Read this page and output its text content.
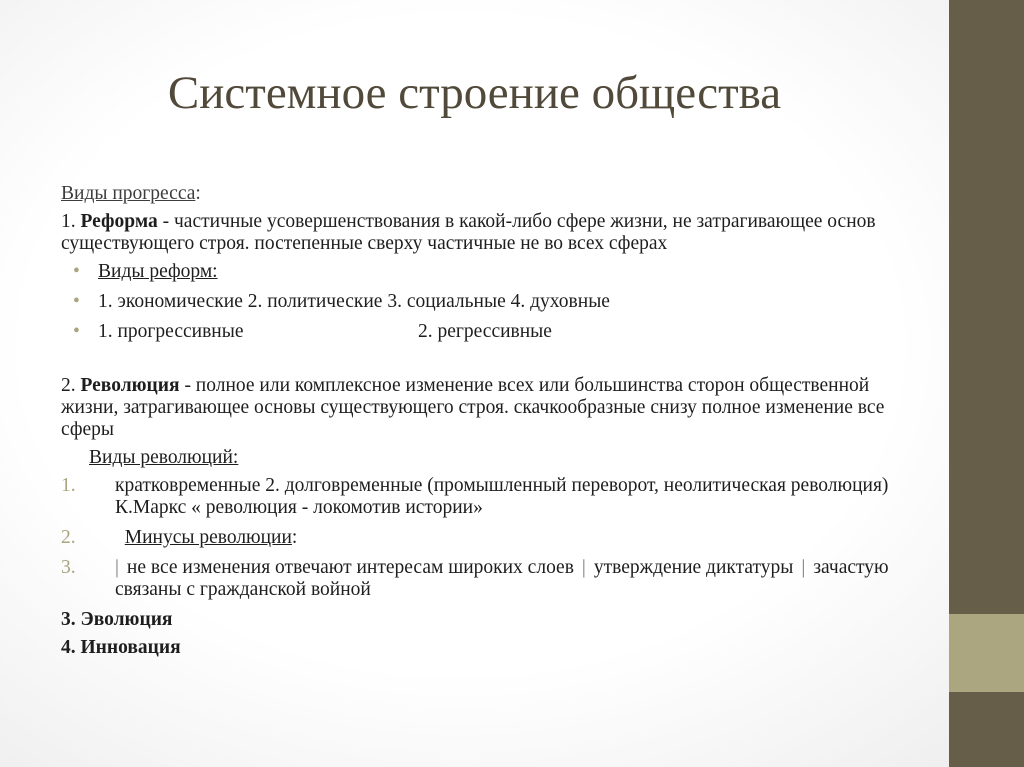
Системное строение общества

Виды прогресса:

1. Реформа - частичные усовершенствования в какой-либо сфере жизни, не затрагивающее основ существующего строя. постепенные сверху частичные не во всех сферах

• Виды реформ:
• 1. экономические 2. политические 3. социальные 4. духовные
• 1. прогрессивные	2. регрессивные

2. Революция - полное или комплексное изменение всех или большинства сторон общественной жизни, затрагивающее основы существующего строя. скачкообразные снизу полное изменение все сферы

Виды революций:

1. кратковременные 2. долговременные (промышленный переворот, неолитическая революция) К.Маркс « революция - локомотив истории»
2.	Минусы революции:
3. | не все изменения отвечают интересам широких слоев | утверждение диктатуры | зачастую связаны с гражданской войной

3. Эволюция

4. Инновация
